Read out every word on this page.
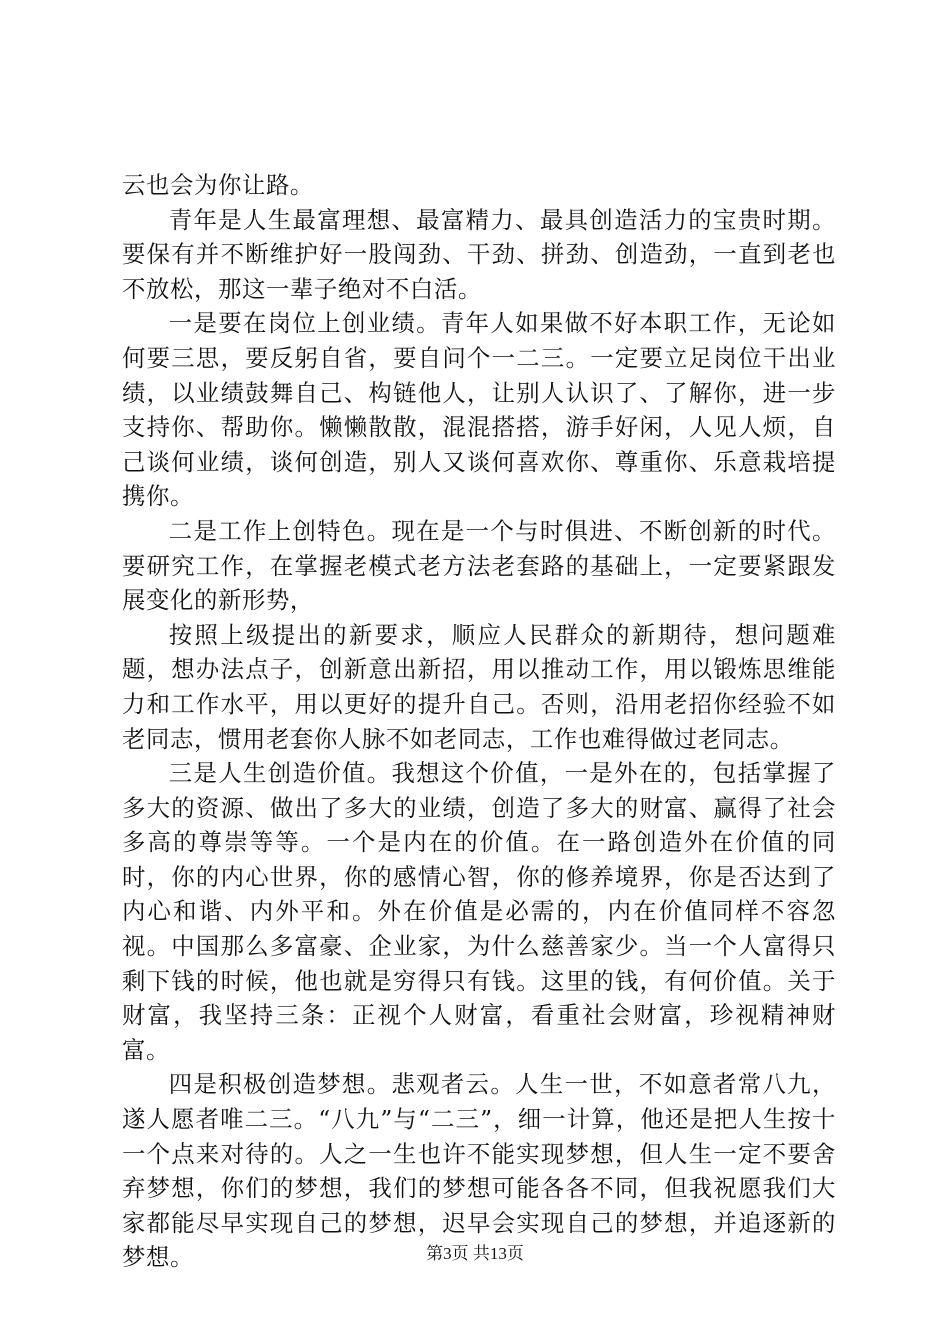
云也会为你让路。

青年是人生最富理想、最富精力、最具创造活力的宝贵时期。要保有并不断维护好一股闯劲、干劲、拼劲、创造劲，一直到老也不放松，那这一辈子绝对不白活。

一是要在岗位上创业绩。青年人如果做不好本职工作，无论如何要三思，要反躬自省，要自问个一二三。一定要立足岗位干出业绩，以业绩鼓舞自己、构链他人，让别人认识了、了解你，进一步支持你、帮助你。懒懒散散，混混搭搭，游手好闲，人见人烦，自己谈何业绩，谈何创造，别人又谈何喜欢你、尊重你、乐意栽培提携你。

二是工作上创特色。现在是一个与时俱进、不断创新的时代。要研究工作，在掌握老模式老方法老套路的基础上，一定要紧跟发展变化的新形势，

按照上级提出的新要求，顺应人民群众的新期待，想问题难题，想办法点子，创新意出新招，用以推动工作，用以锻炼思维能力和工作水平，用以更好的提升自己。否则，沿用老招你经验不如老同志，惯用老套你人脉不如老同志，工作也难得做过老同志。

三是人生创造价值。我想这个价值，一是外在的，包括掌握了多大的资源、做出了多大的业绩，创造了多大的财富、赢得了社会多高的尊崇等等。一个是内在的价值。在一路创造外在价值的同时，你的内心世界，你的感情心智，你的修养境界，你是否达到了内心和谐、内外平和。外在价值是必需的，内在价值同样不容忽视。中国那么多富豪、企业家，为什么慈善家少。当一个人富得只剩下钱的时候，他也就是穷得只有钱。这里的钱，有何价值。关于财富，我坚持三条：正视个人财富，看重社会财富，珍视精神财富。

四是积极创造梦想。悲观者云。人生一世，不如意者常八九，遂人愿者唯二三。“八九”与“二三”，细一计算，他还是把人生按十一个点来对待的。人之一生也许不能实现梦想，但人生一定不要舍弃梦想，你们的梦想，我们的梦想可能各各不同，但我祝愿我们大家都能尽早实现自己的梦想，迟早会实现自己的梦想，并追逐新的梦想。	第3页 共13页
